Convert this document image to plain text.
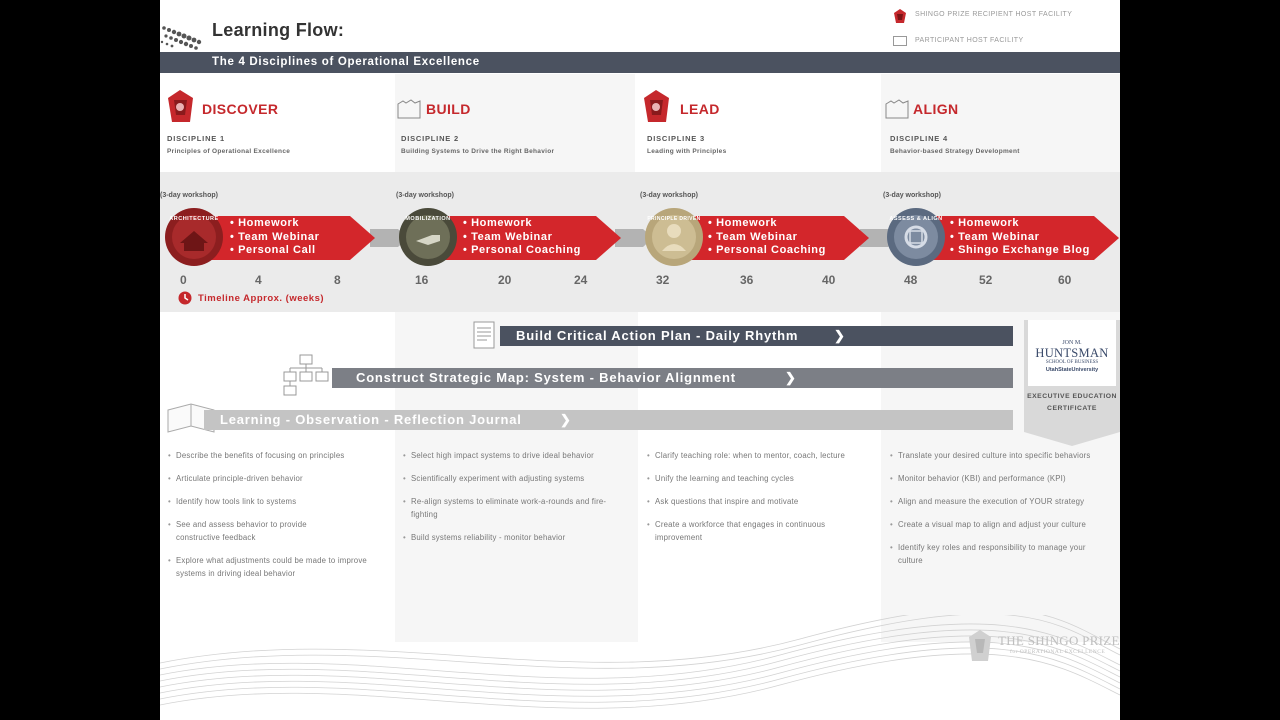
Learning Flow:
SHINGO PRIZE RECIPIENT HOST FACILITY
PARTICIPANT HOST FACILITY
The 4 Disciplines of Operational Excellence
DISCOVER
DISCIPLINE 1
Principles of Operational Excellence
BUILD
DISCIPLINE 2
Building Systems to Drive the Right Behavior
LEAD
DISCIPLINE 3
Leading with Principles
ALIGN
DISCIPLINE 4
Behavior-based Strategy Development
(3-day workshop)	(3-day workshop)	(3-day workshop)	(3-day workshop)
ARCHITECTURE	MOBILIZATION	PRINCIPLE DRIVEN	ASSESS & ALIGN
• Homework
• Team Webinar
• Personal Call
• Homework
• Team Webinar
• Personal Coaching
• Homework
• Team Webinar
• Personal Coaching
• Homework
• Team Webinar
• Shingo Exchange Blog
0	4	8	16	20	24	32	36	40	48	52	60
Timeline Approx. (weeks)
Build Critical Action Plan - Daily Rhythm	❯
Construct Strategic Map: System - Behavior Alignment	❯
Learning - Observation - Reflection Journal	❯
JON M.
HUNTSMAN
SCHOOL OF BUSINESS
UtahStateUniversity
EXECUTIVE EDUCATION
CERTIFICATE
• Describe the benefits of focusing on principles
• Articulate principle-driven behavior
• Identify how tools link to systems
• See and assess behavior to provide constructive feedback
• Explore what adjustments could be made to improve systems in driving ideal behavior
• Select high impact systems to drive ideal behavior
• Scientifically experiment with adjusting systems
• Re-align systems to eliminate work-a-rounds and fire-fighting
• Build systems reliability - monitor behavior
• Clarify teaching role: when to mentor, coach, lecture
• Unify the learning and teaching cycles
• Ask questions that inspire and motivate
• Create a workforce that engages in continuous improvement
• Translate your desired culture into specific behaviors
• Monitor behavior (KBI) and performance (KPI)
• Align and measure the execution of YOUR strategy
• Create a visual map to align and adjust your culture
• Identify key roles and responsibility to manage your culture
THE SHINGO PRIZE
for OPERATIONAL EXCELLENCE
